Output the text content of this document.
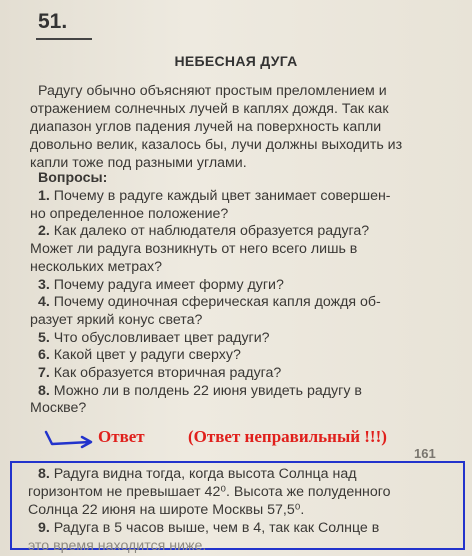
51.
НЕБЕСНАЯ ДУГА
Радугу обычно объясняют простым преломлением и
отражением солнечных лучей в каплях дождя. Так как
диапазон углов падения лучей на поверхность капли
довольно велик, казалось бы, лучи должны выходить из
капли тоже под разными углами.
Вопросы:
1. Почему в радуге каждый цвет занимает совершен-
но определенное положение?
2. Как далеко от наблюдателя образуется радуга?
Может ли радуга возникнуть от него всего лишь в
нескольких метрах?
3. Почему радуга имеет форму дуги?
4. Почему одиночная сферическая капля дождя об-
разует яркий конус света?
5. Что обусловливает цвет радуги?
6. Какой цвет у радуги сверху?
7. Как образуется вторичная радуга?
8. Можно ли в полдень 22 июня увидеть радугу в
Москве?
Ответ	(Ответ неправильный !!!)
161
8. Радуга видна тогда, когда высота Солнца над
горизонтом не превышает 42⁰. Высота же полуденного
Солнца 22 июня на широте Москвы 57,5⁰.
9. Радуга в 5 часов выше, чем в 4, так как Солнце в
это время находится ниже.
